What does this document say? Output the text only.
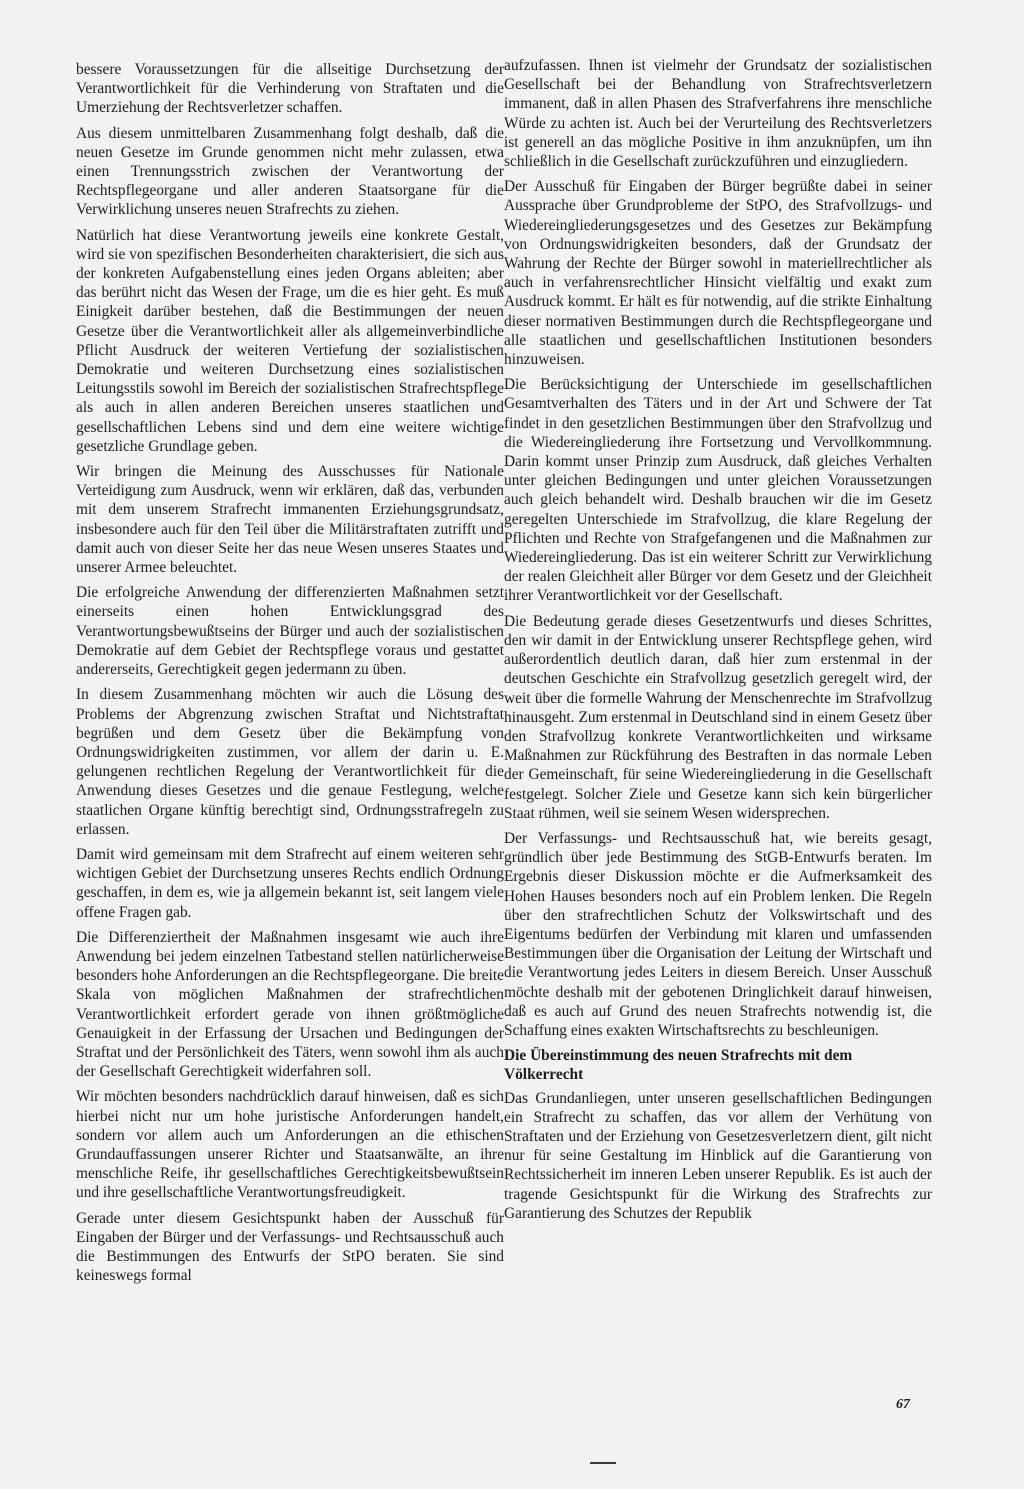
bessere Voraussetzungen für die allseitige Durchsetzung der Verantwortlichkeit für die Verhinderung von Straftaten und die Umerziehung der Rechtsverletzer schaffen.

Aus diesem unmittelbaren Zusammenhang folgt deshalb, daß die neuen Gesetze im Grunde genommen nicht mehr zulassen, etwa einen Trennungsstrich zwischen der Verantwortung der Rechtspflegeorgane und aller anderen Staatsorgane für die Verwirklichung unseres neuen Strafrechts zu ziehen.

Natürlich hat diese Verantwortung jeweils eine konkrete Gestalt, wird sie von spezifischen Besonderheiten charakterisiert, die sich aus der konkreten Aufgabenstellung eines jeden Organs ableiten; aber das berührt nicht das Wesen der Frage, um die es hier geht. Es muß Einigkeit darüber bestehen, daß die Bestimmungen der neuen Gesetze über die Verantwortlichkeit aller als allgemeinverbindliche Pflicht Ausdruck der weiteren Vertiefung der sozialistischen Demokratie und weiteren Durchsetzung eines sozialistischen Leitungsstils sowohl im Bereich der sozialistischen Strafrechtspflege als auch in allen anderen Bereichen unseres staatlichen und gesellschaftlichen Lebens sind und dem eine weitere wichtige gesetzliche Grundlage geben.

Wir bringen die Meinung des Ausschusses für Nationale Verteidigung zum Ausdruck, wenn wir erklären, daß das, verbunden mit dem unserem Strafrecht immanenten Erziehungsgrundsatz, insbesondere auch für den Teil über die Militärstraftaten zutrifft und damit auch von dieser Seite her das neue Wesen unseres Staates und unserer Armee beleuchtet.

Die erfolgreiche Anwendung der differenzierten Maßnahmen setzt einerseits einen hohen Entwicklungsgrad des Verantwortungsbewußtseins der Bürger und auch der sozialistischen Demokratie auf dem Gebiet der Rechtspflege voraus und gestattet andererseits, Gerechtigkeit gegen jedermann zu üben.

In diesem Zusammenhang möchten wir auch die Lösung des Problems der Abgrenzung zwischen Straftat und Nichtstraftat begrüßen und dem Gesetz über die Bekämpfung von Ordnungswidrigkeiten zustimmen, vor allem der darin u. E. gelungenen rechtlichen Regelung der Verantwortlichkeit für die Anwendung dieses Gesetzes und die genaue Festlegung, welche staatlichen Organe künftig berechtigt sind, Ordnungsstrafregeln zu erlassen.

Damit wird gemeinsam mit dem Strafrecht auf einem weiteren sehr wichtigen Gebiet der Durchsetzung unseres Rechts endlich Ordnung geschaffen, in dem es, wie ja allgemein bekannt ist, seit langem viele offene Fragen gab.

Die Differenziertheit der Maßnahmen insgesamt wie auch ihre Anwendung bei jedem einzelnen Tatbestand stellen natürlicherweise besonders hohe Anforderungen an die Rechtspflegeorgane. Die breite Skala von möglichen Maßnahmen der strafrechtlichen Verantwortlichkeit erfordert gerade von ihnen größtmögliche Genauigkeit in der Erfassung der Ursachen und Bedingungen der Straftat und der Persönlichkeit des Täters, wenn sowohl ihm als auch der Gesellschaft Gerechtigkeit widerfahren soll.

Wir möchten besonders nachdrücklich darauf hinweisen, daß es sich hierbei nicht nur um hohe juristische Anforderungen handelt, sondern vor allem auch um Anforderungen an die ethischen Grundauffassungen unserer Richter und Staatsanwälte, an ihre menschliche Reife, ihr gesellschaftliches Gerechtigkeitsbewußtsein und ihre gesellschaftliche Verantwortungsfreudigkeit.

Gerade unter diesem Gesichtspunkt haben der Ausschuß für Eingaben der Bürger und der Verfassungs- und Rechtsausschuß auch die Bestimmungen des Entwurfs der StPO beraten. Sie sind keineswegs formal

aufzufassen. Ihnen ist vielmehr der Grundsatz der sozialistischen Gesellschaft bei der Behandlung von Strafrechtsverletzern immanent, daß in allen Phasen des Strafverfahrens ihre menschliche Würde zu achten ist. Auch bei der Verurteilung des Rechtsverletzers ist generell an das mögliche Positive in ihm anzuknüpfen, um ihn schließlich in die Gesellschaft zurückzuführen und einzugliedern.

Der Ausschuß für Eingaben der Bürger begrüßte dabei in seiner Aussprache über Grundprobleme der StPO, des Strafvollzugs- und Wiedereingliederungsgesetzes und des Gesetzes zur Bekämpfung von Ordnungswidrigkeiten besonders, daß der Grundsatz der Wahrung der Rechte der Bürger sowohl in materiellrechtlicher als auch in verfahrensrechtlicher Hinsicht vielfältig und exakt zum Ausdruck kommt. Er hält es für notwendig, auf die strikte Einhaltung dieser normativen Bestimmungen durch die Rechtspflegeorgane und alle staatlichen und gesellschaftlichen Institutionen besonders hinzuweisen.

Die Berücksichtigung der Unterschiede im gesellschaftlichen Gesamtverhalten des Täters und in der Art und Schwere der Tat findet in den gesetzlichen Bestimmungen über den Strafvollzug und die Wiedereingliederung ihre Fortsetzung und Vervollkommnung. Darin kommt unser Prinzip zum Ausdruck, daß gleiches Verhalten unter gleichen Bedingungen und unter gleichen Voraussetzungen auch gleich behandelt wird. Deshalb brauchen wir die im Gesetz geregelten Unterschiede im Strafvollzug, die klare Regelung der Pflichten und Rechte von Strafgefangenen und die Maßnahmen zur Wiedereingliederung. Das ist ein weiterer Schritt zur Verwirklichung der realen Gleichheit aller Bürger vor dem Gesetz und der Gleichheit ihrer Verantwortlichkeit vor der Gesellschaft.

Die Bedeutung gerade dieses Gesetzentwurfs und dieses Schrittes, den wir damit in der Entwicklung unserer Rechtspflege gehen, wird außerordentlich deutlich daran, daß hier zum erstenmal in der deutschen Geschichte ein Strafvollzug gesetzlich geregelt wird, der weit über die formelle Wahrung der Menschenrechte im Strafvollzug hinausgeht. Zum erstenmal in Deutschland sind in einem Gesetz über den Strafvollzug konkrete Verantwortlichkeiten und wirksame Maßnahmen zur Rückführung des Bestraften in das normale Leben der Gemeinschaft, für seine Wiedereingliederung in die Gesellschaft festgelegt. Solcher Ziele und Gesetze kann sich kein bürgerlicher Staat rühmen, weil sie seinem Wesen widersprechen.

Der Verfassungs- und Rechtsausschuß hat, wie bereits gesagt, gründlich über jede Bestimmung des StGB-Entwurfs beraten. Im Ergebnis dieser Diskussion möchte er die Aufmerksamkeit des Hohen Hauses besonders noch auf ein Problem lenken. Die Regeln über den strafrechtlichen Schutz der Volkswirtschaft und des Eigentums bedürfen der Verbindung mit klaren und umfassenden Bestimmungen über die Organisation der Leitung der Wirtschaft und die Verantwortung jedes Leiters in diesem Bereich. Unser Ausschuß möchte deshalb mit der gebotenen Dringlichkeit darauf hinweisen, daß es auch auf Grund des neuen Strafrechts notwendig ist, die Schaffung eines exakten Wirtschaftsrechts zu beschleunigen.

Die Übereinstimmung des neuen Strafrechts mit dem Völkerrecht

Das Grundanliegen, unter unseren gesellschaftlichen Bedingungen ein Strafrecht zu schaffen, das vor allem der Verhütung von Straftaten und der Erziehung von Gesetzesverletzern dient, gilt nicht nur für seine Gestaltung im Hinblick auf die Garantierung von Rechtssicherheit im inneren Leben unserer Republik. Es ist auch der tragende Gesichtspunkt für die Wirkung des Strafrechts zur Garantierung des Schutzes der Republik

67
